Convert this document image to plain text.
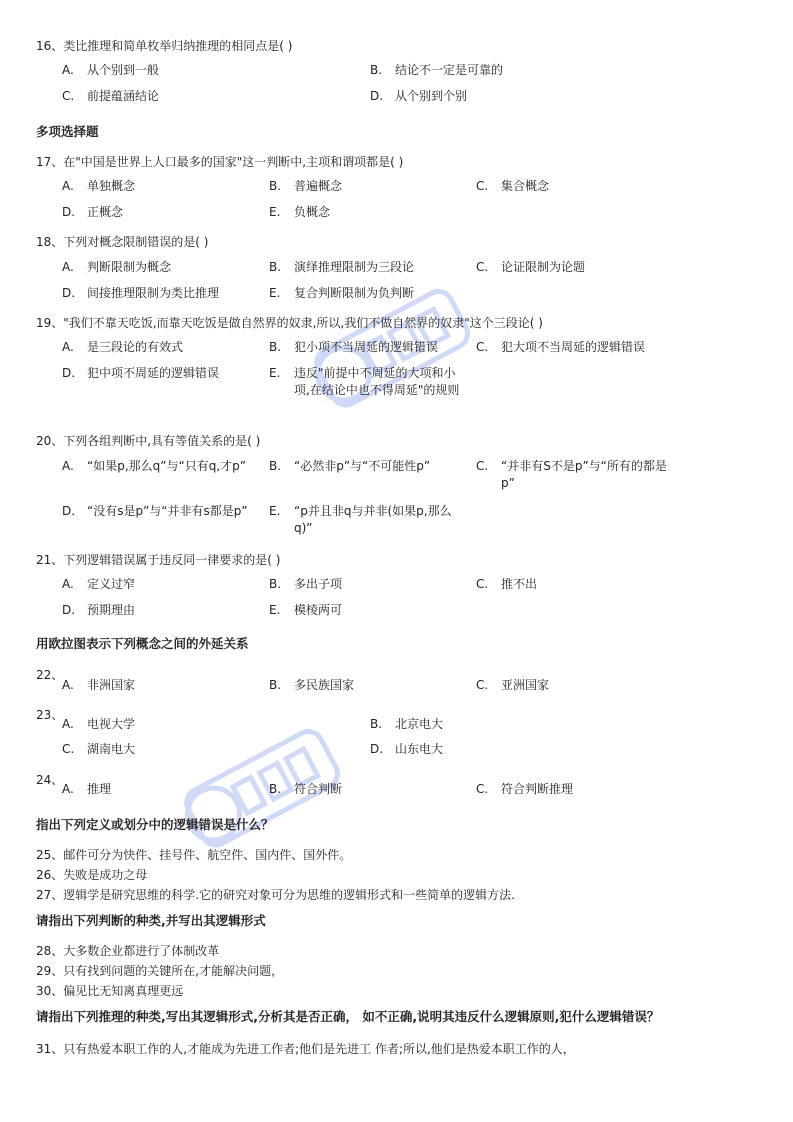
16、类比推理和简单枚举归纳推理的相同点是( )
A.	从个别到一般	B.	结论不一定是可靠的
C.	前提蕴涵结论	D. 从个别到个别
多项选择题
17、在"中国是世界上人口最多的国家"这一判断中,主项和谓项都是( )
A.	单独概念	B.	普遍概念	C.	集合概念
D. 正概念	E.	负概念
18、下列对概念限制错误的是( )
A.	判断限制为概念	B.	演绎推理限制为三段论	C.	论证限制为论题
D. 间接推理限制为类比推理	E.	复合判断限制为负判断
19、"我们不靠天吃饭,而靠天吃饭是做自然界的奴隶,所以,我们不做自然界的奴隶"这个三段论( )
A.	是三段论的有效式	B.	犯小项不当周延的逻辑错误	C.	犯大项不当周延的逻辑错误
D. 犯中项不周延的逻辑错误	E.	违反"前提中不周延的大项和小项,在结论中也不得周延"的规则
20、下列各组判断中,具有等值关系的是( )
A.	“如果p,那么q”与“只有q,才p” B.	“必然非p”与“不可能性p”	C.	“并非有S不是p”与“所有的都是p”
D. “没有s是p”与“并非有s都是p” E.	“p并且非q与并非(如果p,那么q)”
21、下列逻辑错误属于违反同一律要求的是( )
A.	定义过窄	B.	多出子项	C.	推不出
D. 预期理由	E.	模棱两可
用欧拉图表示下列概念之间的外延关系
22、
A.	非洲国家	B.	多民族国家	C.	亚洲国家
23、
A.	电视大学	B.	北京电大
C.	湖南电大	D. 山东电大
24、
A.	推理	B.	符合判断	C.	符合判断推理
指出下列定义或划分中的逻辑错误是什么？
25、邮件可分为快件、挂号件、航空件、国内件、国外件。
26、失败是成功之母
27、逻辑学是研究思维的科学.它的研究对象可分为思维的逻辑形式和一些简单的逻辑方法.
请指出下列判断的种类,并写出其逻辑形式
28、大多数企业都进行了体制改革
29、只有找到问题的关键所在,才能解决问题，
30、偏见比无知离真理更远
请指出下列推理的种类,写出其逻辑形式,分析其是否正确， 如不正确,说明其违反什么逻辑原则,犯什么逻辑错误？
31、只有热爱本职工作的人,才能成为先进工作者;他们是先进工 作者;所以,他们是热爱本职工作的人，
